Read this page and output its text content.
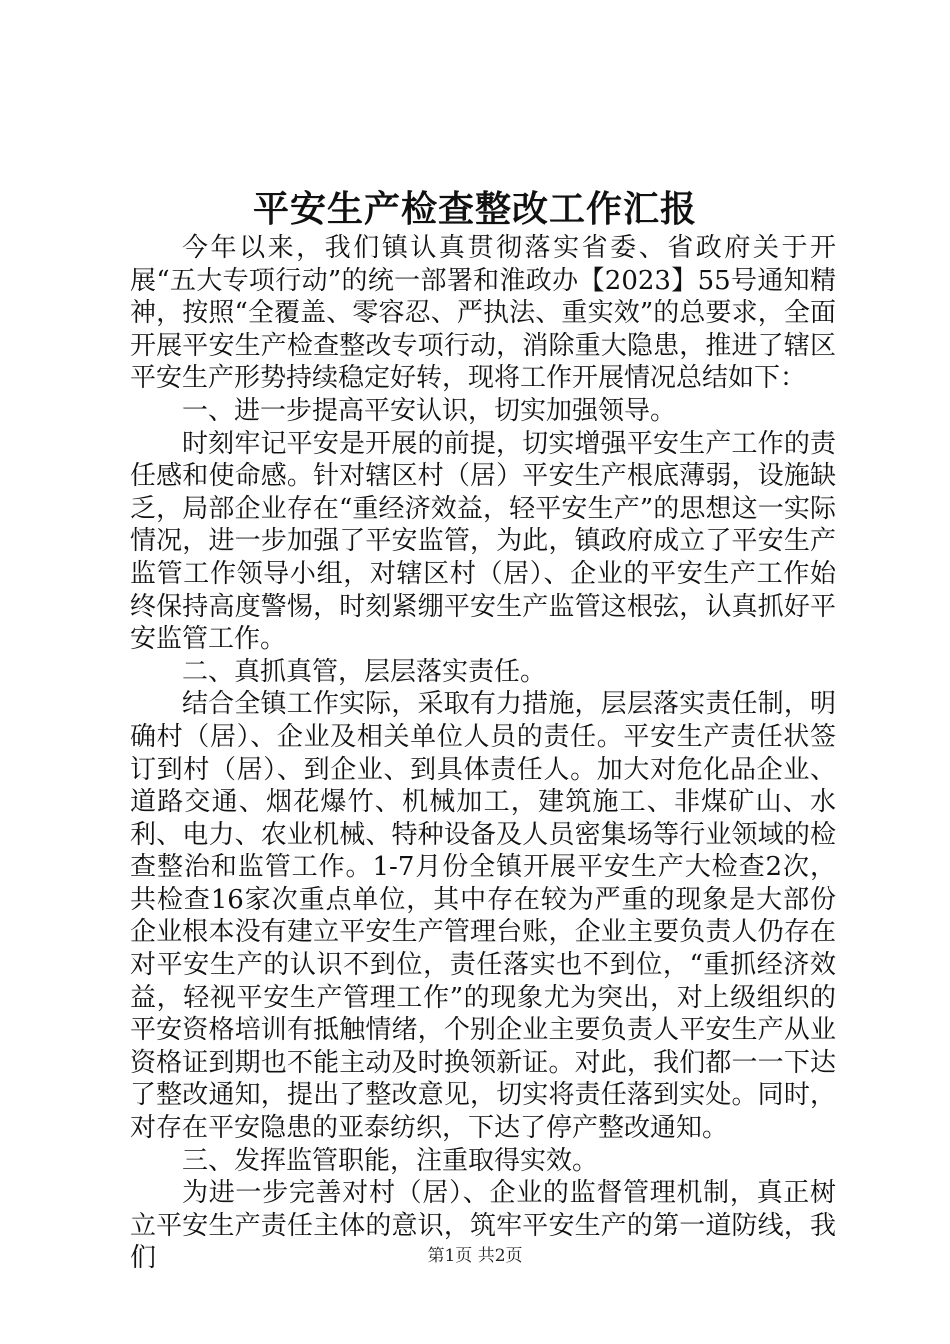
平安生产检查整改工作汇报

今年以来，我们镇认真贯彻落实省委、省政府关于开展“五大专项行动”的统一部署和淮政办【2023】55号通知精神，按照“全覆盖、零容忍、严执法、重实效”的总要求，全面开展平安生产检查整改专项行动，消除重大隐患，推进了辖区平安生产形势持续稳定好转，现将工作开展情况总结如下：

一、进一步提高平安认识，切实加强领导。

时刻牢记平安是开展的前提，切实增强平安生产工作的责任感和使命感。针对辖区村（居）平安生产根底薄弱，设施缺乏，局部企业存在“重经济效益，轻平安生产”的思想这一实际情况，进一步加强了平安监管，为此，镇政府成立了平安生产监管工作领导小组，对辖区村（居）、企业的平安生产工作始终保持高度警惕，时刻紧绷平安生产监管这根弦，认真抓好平安监管工作。

二、真抓真管，层层落实责任。

结合全镇工作实际，采取有力措施，层层落实责任制，明确村（居）、企业及相关单位人员的责任。平安生产责任状签订到村（居）、到企业、到具体责任人。加大对危化品企业、道路交通、烟花爆竹、机械加工，建筑施工、非煤矿山、水利、电力、农业机械、特种设备及人员密集场等行业领域的检查整治和监管工作。1-7月份全镇开展平安生产大检查2次，共检查16家次重点单位，其中存在较为严重的现象是大部份企业根本没有建立平安生产管理台账，企业主要负责人仍存在对平安生产的认识不到位，责任落实也不到位，“重抓经济效益，轻视平安生产管理工作”的现象尤为突出，对上级组织的平安资格培训有抵触情绪，个别企业主要负责人平安生产从业资格证到期也不能主动及时换领新证。对此，我们都一一下达了整改通知，提出了整改意见，切实将责任落到实处。同时，对存在平安隐患的亚泰纺织，下达了停产整改通知。

三、发挥监管职能，注重取得实效。

为进一步完善对村（居）、企业的监督管理机制，真正树立平安生产责任主体的意识，筑牢平安生产的第一道防线，我们	第1页 共2页
